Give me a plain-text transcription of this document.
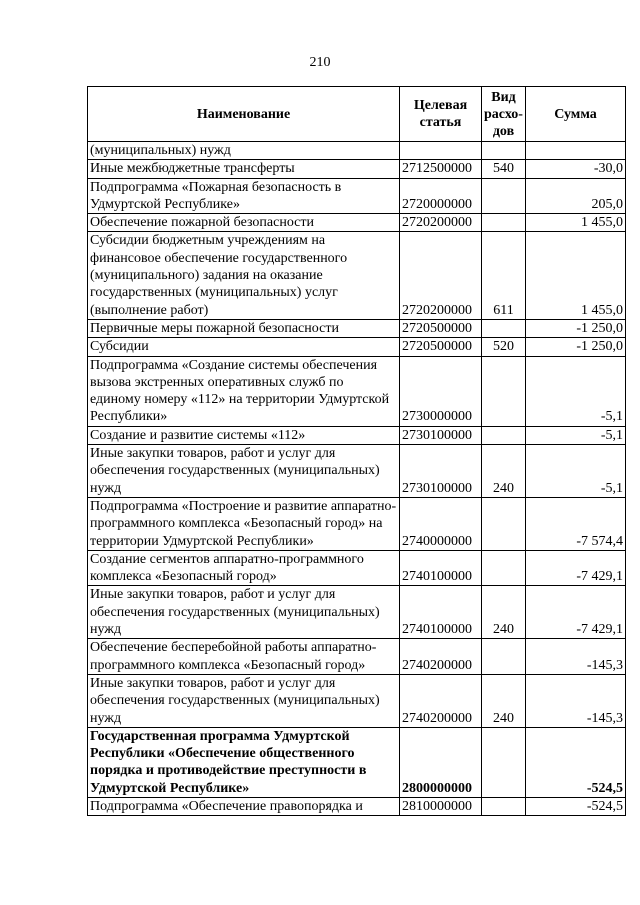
210
Наименование	Целевая статья	Вид расхо-дов	Сумма
(муниципальных) нужд			
Иные межбюджетные трансферты	2712500000	540	-30,0
Подпрограмма «Пожарная безопасность в Удмуртской Республике»	2720000000		205,0
Обеспечение пожарной безопасности	2720200000		1 455,0
Субсидии бюджетным учреждениям на финансовое обеспечение государственного (муниципального) задания на оказание государственных (муниципальных) услуг (выполнение работ)	2720200000	611	1 455,0
Первичные меры пожарной безопасности	2720500000		-1 250,0
Субсидии	2720500000	520	-1 250,0
Подпрограмма «Создание системы обеспечения вызова экстренных оперативных служб по единому номеру «112» на территории Удмуртской Республики»	2730000000		-5,1
Создание и развитие системы «112»	2730100000		-5,1
Иные закупки товаров, работ и услуг для обеспечения государственных (муниципальных) нужд	2730100000	240	-5,1
Подпрограмма «Построение и развитие аппаратно-программного комплекса «Безопасный город» на территории Удмуртской Республики»	2740000000		-7 574,4
Создание сегментов аппаратно-программного комплекса «Безопасный город»	2740100000		-7 429,1
Иные закупки товаров, работ и услуг для обеспечения государственных (муниципальных) нужд	2740100000	240	-7 429,1
Обеспечение бесперебойной работы аппаратно-программного комплекса «Безопасный город»	2740200000		-145,3
Иные закупки товаров, работ и услуг для обеспечения государственных (муниципальных) нужд	2740200000	240	-145,3
Государственная программа Удмуртской Республики «Обеспечение общественного порядка и противодействие преступности в Удмуртской Республике»	2800000000		-524,5
Подпрограмма «Обеспечение правопорядка и	2810000000		-524,5
